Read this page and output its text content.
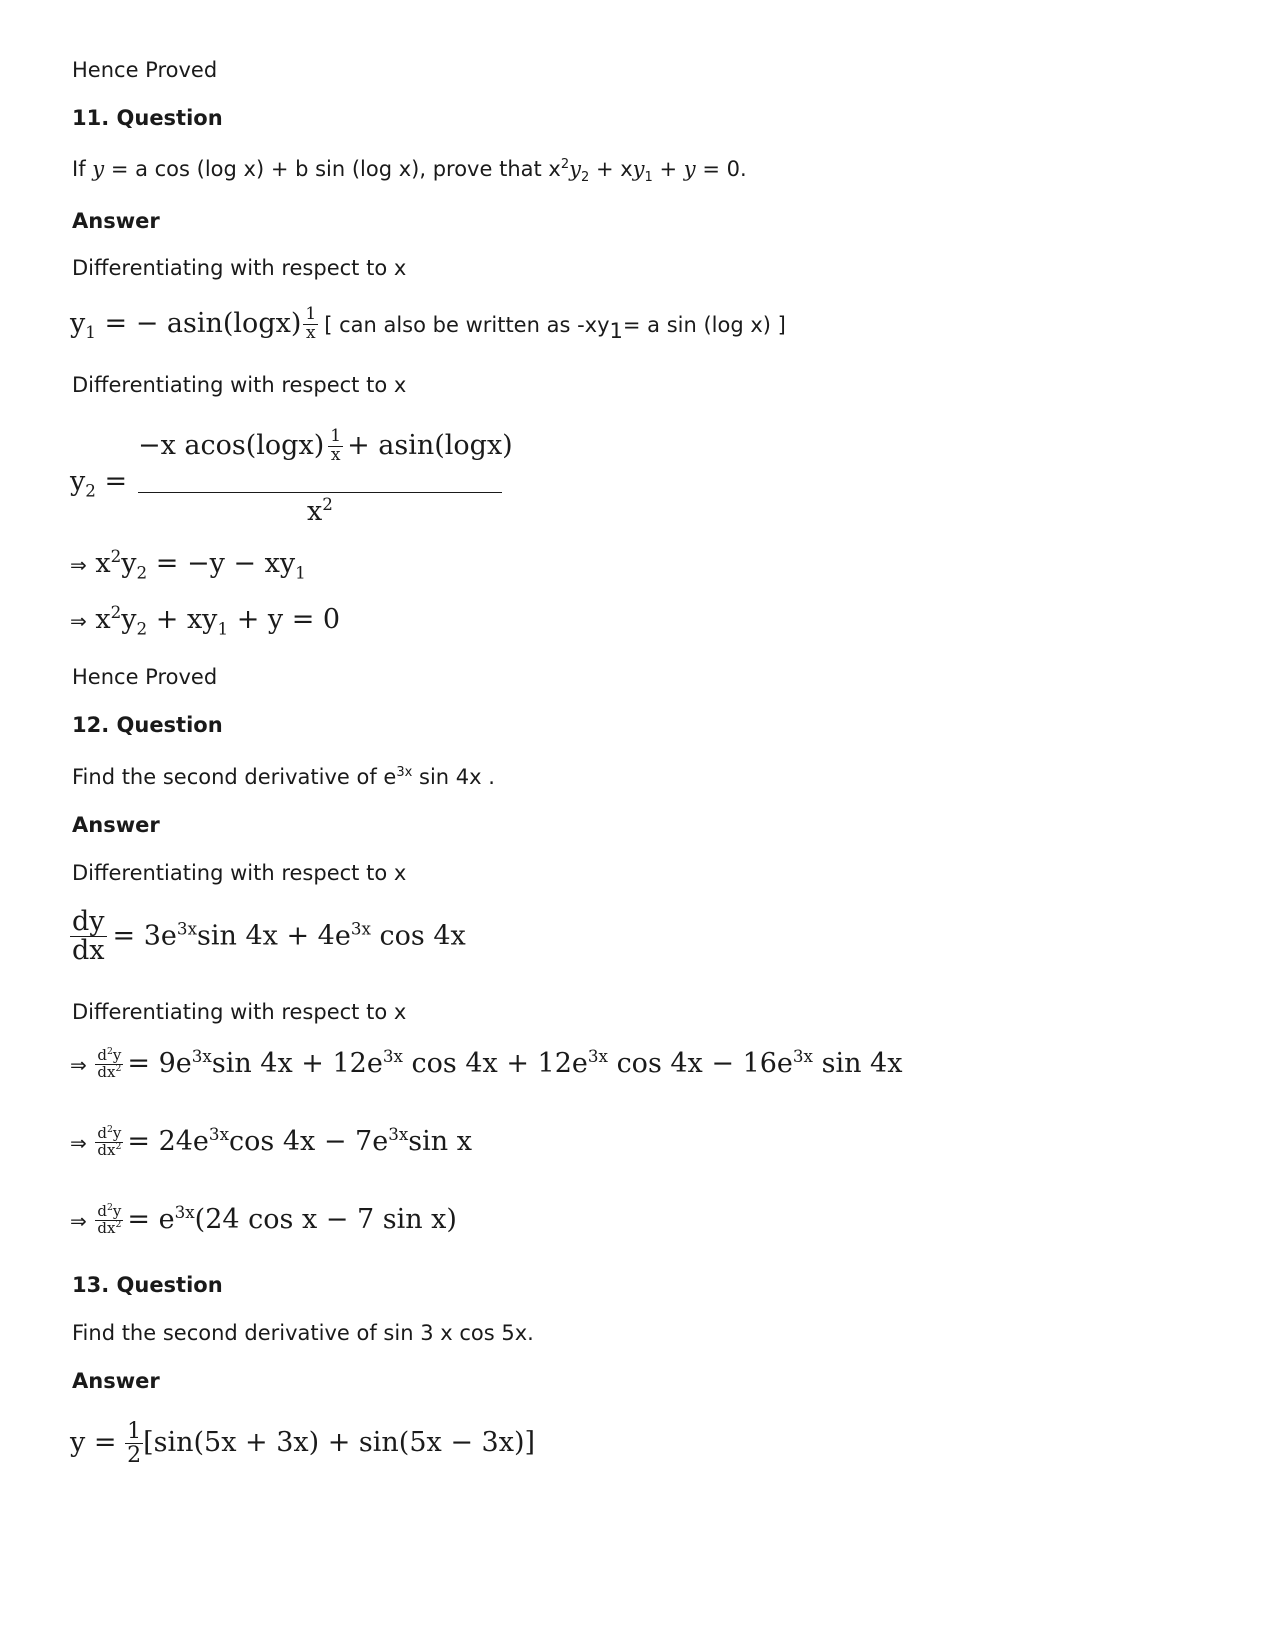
Hence Proved
11. Question
If y = a cos (log x) + b sin (log x), prove that $x^2y_2 + xy_1 + y = 0$.
Answer
Differentiating with respect to x
$y_1$ = − $asin(\log x) \frac{1}{x}$ [ can also be written as $-xy_1= a$ sin (log x) ]
Differentiating with respect to x
$y_2$ =
−x $acos(\log x) \frac{1}{x} + asin(\log x)$
$x^2$
⇒ $x^2y_2 = -y - xy_1$
⇒ $x^2y_2 + xy_1 + y = 0$
Hence Proved
12. Question
Find the second derivative of $e^{3x}$ sin 4x .
Answer
Differentiating with respect to x
$\frac{dy}{dx} = 3e^{3x}\sin$ $4x + 4e^{3x}$ cos 4x
Differentiating with respect to x
⇒ $\frac{d^2y}{dx^2} = 9e^{3x}\sin$ $4x + 12e^{3x}$ $\cos 4x + 12e^{3x}$ $\cos 4x - 16e^{3x}$ sin 4x
⇒ $\frac{d^2y}{dx^2} = 24e^{3x}\cos$ $4x - 7e^{3x}\sin$ x
⇒ $\frac{d^2y}{dx^2} = e^{3x}(24$ cos x − 7 sin x)
13. Question
Find the second derivative of sin 3 x cos 5x.
Answer
$y = \frac{1}{2} [\sin(5x + 3x) + \sin(5x - 3x)]$
